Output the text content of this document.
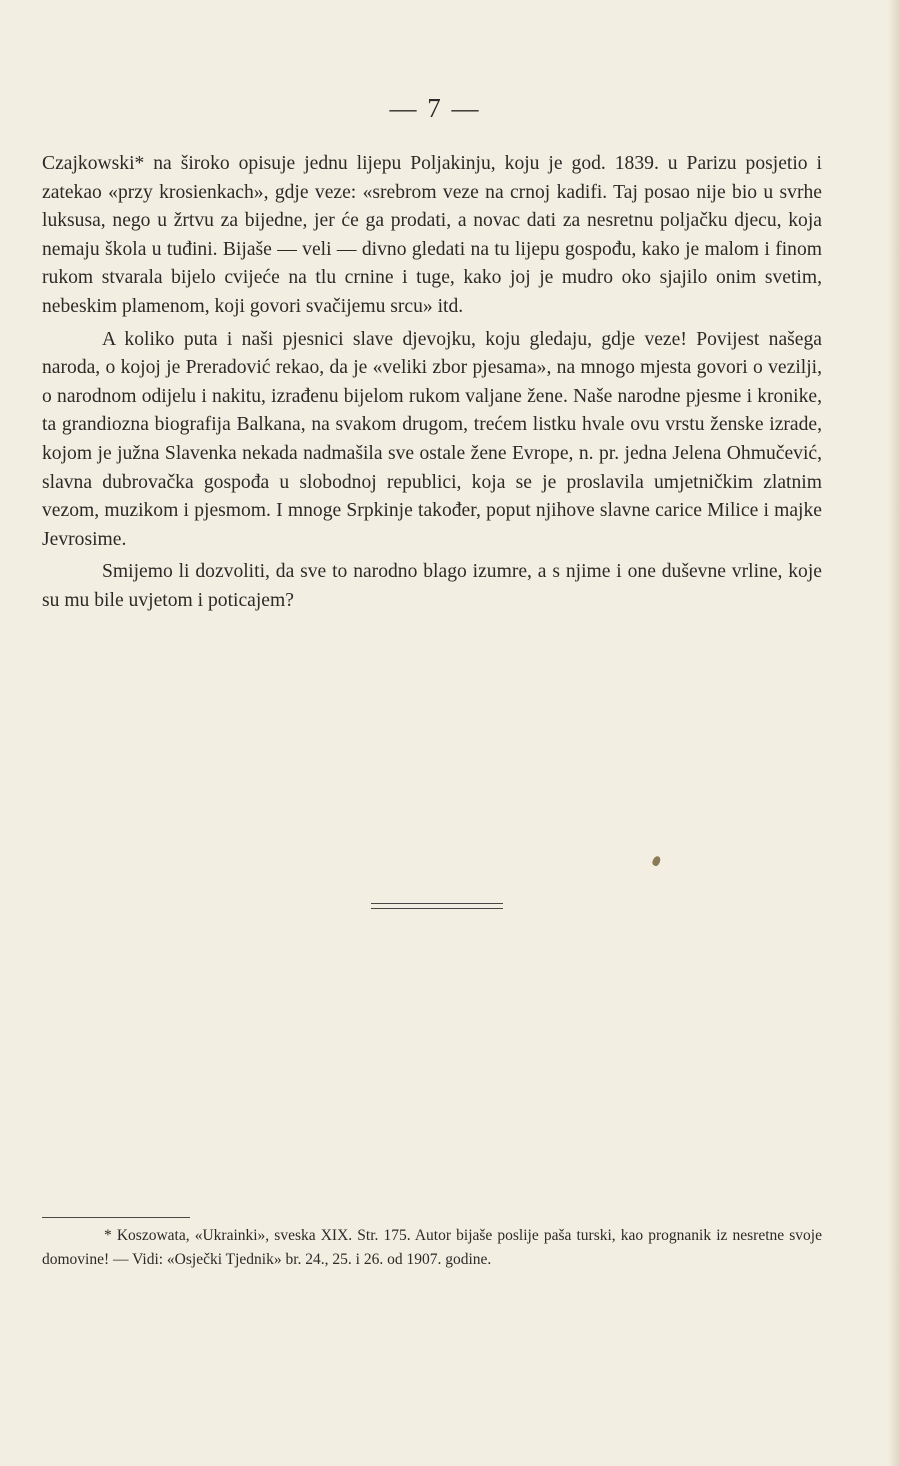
— 7 —

Czajkowski* na široko opisuje jednu lijepu Poljakinju, koju je god. 1839. u Parizu posjetio i zatekao «przy krosienkach», gdje veze: «srebrom veze na crnoj kadifi. Taj posao nije bio u svrhe luksusa, nego u žrtvu za bijedne, jer će ga prodati, a novac dati za nesretnu poljačku djecu, koja nemaju škola u tuđini. Bijaše — veli — divno gledati na tu lijepu gospođu, kako je malom i finom rukom stvarala bijelo cvijeće na tlu crnine i tuge, kako joj je mudro oko sjajilo onim svetim, nebeskim plamenom, koji govori svačijemu srcu» itd.

A koliko puta i naši pjesnici slave djevojku, koju gledaju, gdje veze! Povijest našega naroda, o kojoj je Preradović rekao, da je «veliki zbor pjesama», na mnogo mjesta govori o vezilji, o narodnom odijelu i nakitu, izrađenu bijelom rukom valjane žene. Naše narodne pjesme i kronike, ta grandiozna biografija Balkana, na svakom drugom, trećem listku hvale ovu vrstu ženske izrade, kojom je južna Slavenka nekada nadmašila sve ostale žene Evrope, n. pr. jedna Jelena Ohmučević, slavna dubrovačka gospođa u slobodnoj republici, koja se je proslavila umjetničkim zlatnim vezom, muzikom i pjesmom. I mnoge Srpkinje također, poput njihove slavne carice Milice i majke Jevrosime.

Smijemo li dozvoliti, da sve to narodno blago izumre, a s njime i one duševne vrline, koje su mu bile uvjetom i poticajem?

* Koszowata, «Ukrainki», sveska XIX. Str. 175. Autor bijaše poslije paša turski, kao prognanik iz nesretne svoje domovine! — Vidi: «Osječki Tjednik» br. 24., 25. i 26. od 1907. godine.
